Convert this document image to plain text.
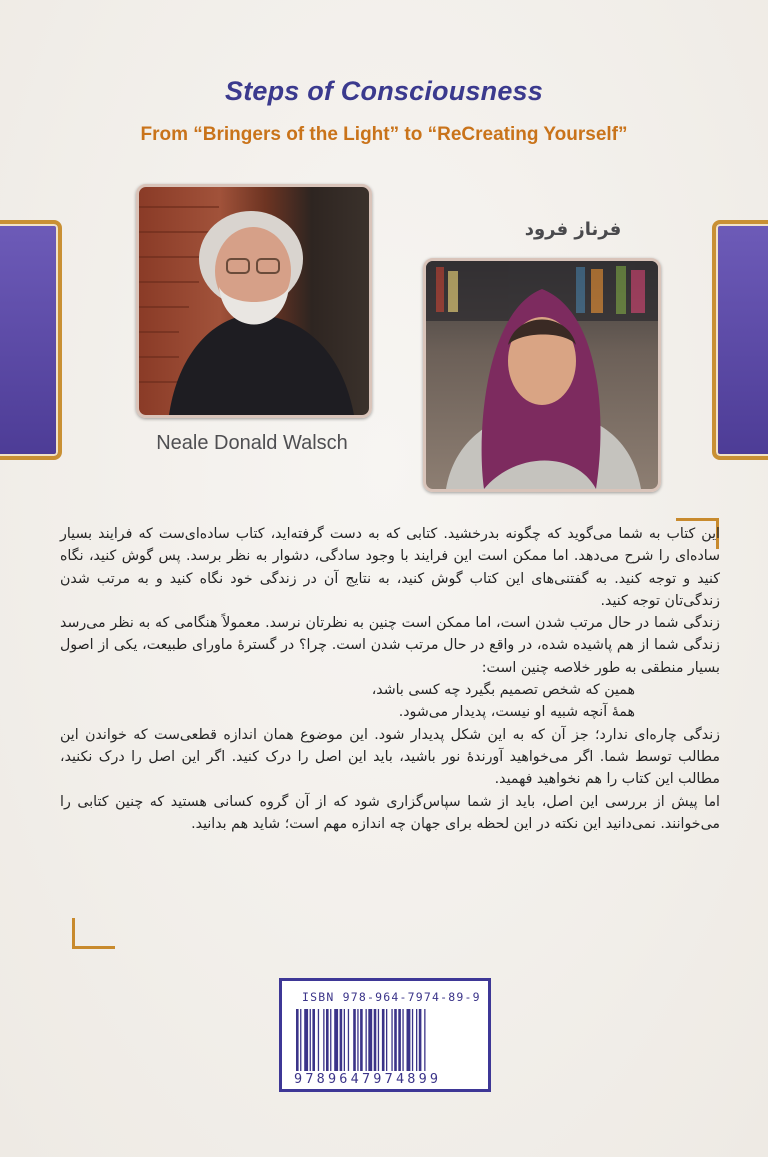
Steps of Consciousness
From “Bringers of the Light” to “ReCreating Yourself”
Neale Donald Walsch
فرناز فرود

این کتاب به شما می‌گوید که چگونه بدرخشید. کتابی که به دست گرفته‌اید، کتاب ساده‌ای‌ست که فرایند بسیار ساده‌ای را شرح می‌دهد. اما ممکن است این فرایند با وجود سادگی، دشوار به نظر برسد. پس گوش کنید، نگاه کنید و توجه کنید. به گفتنی‌های این کتاب گوش کنید، به نتایج آن در زندگی خود نگاه کنید و به مرتب شدن زندگی‌تان توجه کنید.

زندگی شما در حال مرتب شدن است، اما ممکن است چنین به نظرتان نرسد. معمولاً هنگامی که به نظر می‌رسد زندگی شما از هم پاشیده شده، در واقع در حال مرتب شدن است. چرا؟ در گسترهٔ ماورای طبیعت، یکی از اصول بسیار منطقی به طور خلاصه چنین است:

همین که شخص تصمیم بگیرد چه کسی باشد،

همهٔ آنچه شبیه او نیست، پدیدار می‌شود.

زندگی چاره‌ای ندارد؛ جز آن که به این شکل پدیدار شود. این موضوع همان اندازه قطعی‌ست که خواندن این مطالب توسط شما. اگر می‌خواهید آورندهٔ نور باشید، باید این اصل را درک کنید. اگر این اصل را درک نکنید، مطالب این کتاب را هم نخواهید فهمید.

اما پیش از بررسی این اصل، باید از شما سپاس‌گزاری شود که از آن گروه کسانی هستید که چنین کتابی را می‌خوانند. نمی‌دانید این نکته در این لحظه برای جهان چه اندازه مهم است؛ شاید هم بدانید.

ISBN 978-964-7974-89-9
9789647974899
